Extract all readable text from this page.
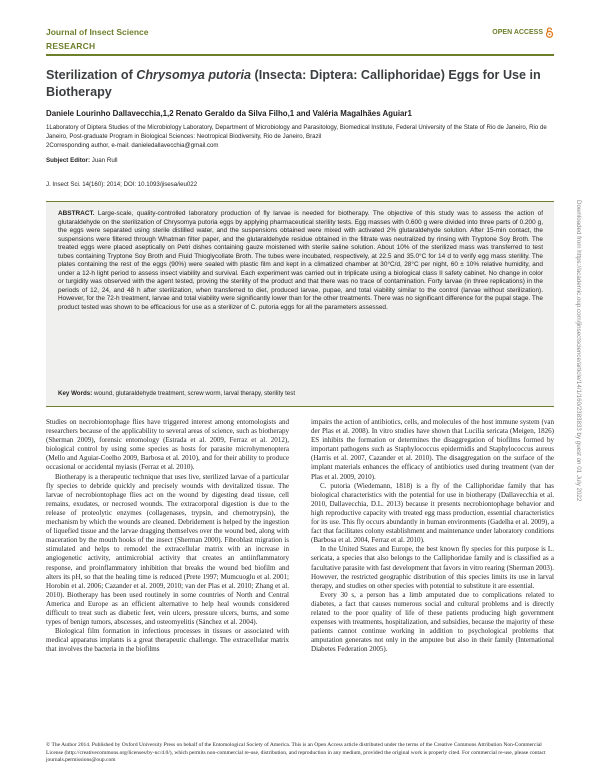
Journal of Insect Science
RESEARCH
OPEN ACCESS
Sterilization of Chrysomya putoria (Insecta: Diptera: Calliphoridae) Eggs for Use in Biotherapy
Daniele Lourinho Dallavecchia,1,2 Renato Geraldo da Silva Filho,1 and Valéria Magalhães Aguiar1

1Laboratory of Diptera Studies of the Microbiology Laboratory, Department of Microbiology and Parasitology, Biomedical Institute, Federal University of the State of Rio de Janeiro, Rio de Janeiro, Post-graduate Program in Biological Sciences: Neotropical Biodiversity, Rio de Janeiro, Brazil

2Corresponding author, e-mail: danieledallavecchia@gmail.com

Subject Editor: Juan Rull
J. Insect Sci. 14(160): 2014; DOI: 10.1093/jisesa/ieu022
ABSTRACT. Large-scale, quality-controlled laboratory production of fly larvae is needed for biotherapy. The objective of this study was to assess the action of glutaraldehyde on the sterilization of Chrysomya putoria eggs by applying pharmaceutical sterility tests. Egg masses with 0.600 g were divided into three parts of 0.200 g, the eggs were separated using sterile distilled water, and the suspensions obtained were mixed with activated 2% glutaraldehyde solution. After 15-min contact, the suspensions were filtered through Whatman filter paper, and the glutaraldehyde residue obtained in the filtrate was neutralized by rinsing with Tryptone Soy Broth. The treated eggs were placed aseptically on Petri dishes containing gauze moistened with sterile saline solution. About 10% of the sterilized mass was transferred to test tubes containing Tryptone Soy Broth and Fluid Thioglycollate Broth. The tubes were incubated, respectively, at 22.5 and 35.0°C for 14 d to verify egg mass sterility. The plates containing the rest of the eggs (90%) were sealed with plastic film and kept in a climatized chamber at 30°C/d, 28°C per night, 60 ± 10% relative humidity, and under a 12-h light period to assess insect viability and survival. Each experiment was carried out in triplicate using a biological class II safety cabinet. No change in color or turgidity was observed with the agent tested, proving the sterility of the product and that there was no trace of contamination. Forty larvae (in three replications) in the periods of 12, 24, and 48 h after sterilization, when transferred to diet, produced larvae, pupae, and total viability similar to the control (larvae without sterilization). However, for the 72-h treatment, larvae and total viability were significantly lower than for the other treatments. There was no significant difference for the pupal stage. The product tested was shown to be efficacious for use as a sterilizer of C. putoria eggs for all the parameters assessed.
Key Words: wound, glutaraldehyde treatment, screw worm, larval therapy, sterility test

Studies on necrobiontophage flies have triggered interest among entomologists and researchers because of the applicability to several areas of science, such as biotherapy (Sherman 2009), forensic entomology (Estrada et al. 2009, Ferraz et al. 2012), biological control by using some species as hosts for parasite microhymenoptera (Mello and Aguiar-Coelho 2009, Barbosa et al. 2010), and for their ability to produce occasional or accidental myiasis (Ferraz et al. 2010).

Biotherapy is a therapeutic technique that uses live, sterilized larvae of a particular fly species to debride quickly and precisely wounds with devitalized tissue. The larvae of necrobiontophage flies act on the wound by digesting dead tissue, cell remains, exudates, or necrosed wounds. The extracorporal digestion is due to the release of proteolytic enzymes (collagenases, trypsin, and chemotrypsin), the mechanism by which the wounds are cleaned. Debridement is helped by the ingestion of liquefied tissue and the larvae dragging themselves over the wound bed, along with maceration by the mouth hooks of the insect (Sherman 2000). Fibroblast migration is stimulated and helps to remodel the extracellular matrix with an increase in angiogenetic activity, antimicrobial activity that creates an antiinflammatory response, and proinflammatory inhibition that breaks the wound bed biofilm and alters its pH, so that the healing time is reduced (Prete 1997; Mumcuoglu et al. 2001; Horobin et al. 2006; Cazander et al. 2009, 2010; van der Plas et al. 2010; Zhang et al. 2010). Biotherapy has been used routinely in some countries of North and Central America and Europe as an efficient alternative to help heal wounds considered difficult to treat such as diabetic feet, vein ulcers, pressure ulcers, burns, and some types of benign tumors, abscesses, and osteomyelitis (Sánchez et al. 2004).

Biological film formation in infectious processes in tissues or associated with medical apparatus implants is a great therapeutic challenge. The extracellular matrix that involves the bacteria in the biofilms

impairs the action of antibiotics, cells, and molecules of the host immune system (van der Plas et al. 2008). In vitro studies have shown that Lucilia sericata (Meigen, 1826) ES inhibits the formation or determines the disaggregation of biofilms formed by important pathogens such as Staphylococcus epidermidis and Staphylococcus aureus (Harris et al. 2007, Cazander et al. 2010). The disaggregation on the surface of the implant materials enhances the efficacy of antibiotics used during treatment (van der Plas et al. 2009, 2010).

C. putoria (Wiedemann, 1818) is a fly of the Calliphoridae family that has biological characteristics with the potential for use in biotherapy (Dallavecchia et al. 2010, Dallavecchia, D.L. 2013) because it presents necrobiontophage behavior and high reproductive capacity with treated egg mass production, essential characteristics for its use. This fly occurs abundantly in human environments (Gadelha et al. 2009), a fact that facilitates colony establishment and maintenance under laboratory conditions (Barbosa et al. 2004, Ferraz et al. 2010).

In the United States and Europe, the best known fly species for this purpose is L. sericata, a species that also belongs to the Calliphoridae family and is classified as a facultative parasite with fast development that favors in vitro rearing (Sherman 2003). However, the restricted geographic distribution of this species limits its use in larval therapy, and studies on other species with potential to substitute it are essential.

Every 30 s, a person has a limb amputated due to complications related to diabetes, a fact that causes numerous social and cultural problems and is directly related to the poor quality of life of these patients producing high government expenses with treatments, hospitalization, and subsidies, because the majority of these patients cannot continue working in addition to psychological problems that amputation generates not only in the amputee but also in their family (International Diabetes Federation 2005).

© The Author 2014. Published by Oxford University Press on behalf of the Entomological Society of America. This is an Open Access article distributed under the terms of the Creative Commons Attribution Non-Commercial License (http://creativecommons.org/licenses/by-nc/4.0/), which permits non-commercial re-use, distribution, and reproduction in any medium, provided the original work is properly cited. For commercial re-use, please contact journals.permissions@oup.com
Downloaded from https://academic.oup.com/jinsectscience/article/14/1/160/2383833 by guest on 01 July 2022
